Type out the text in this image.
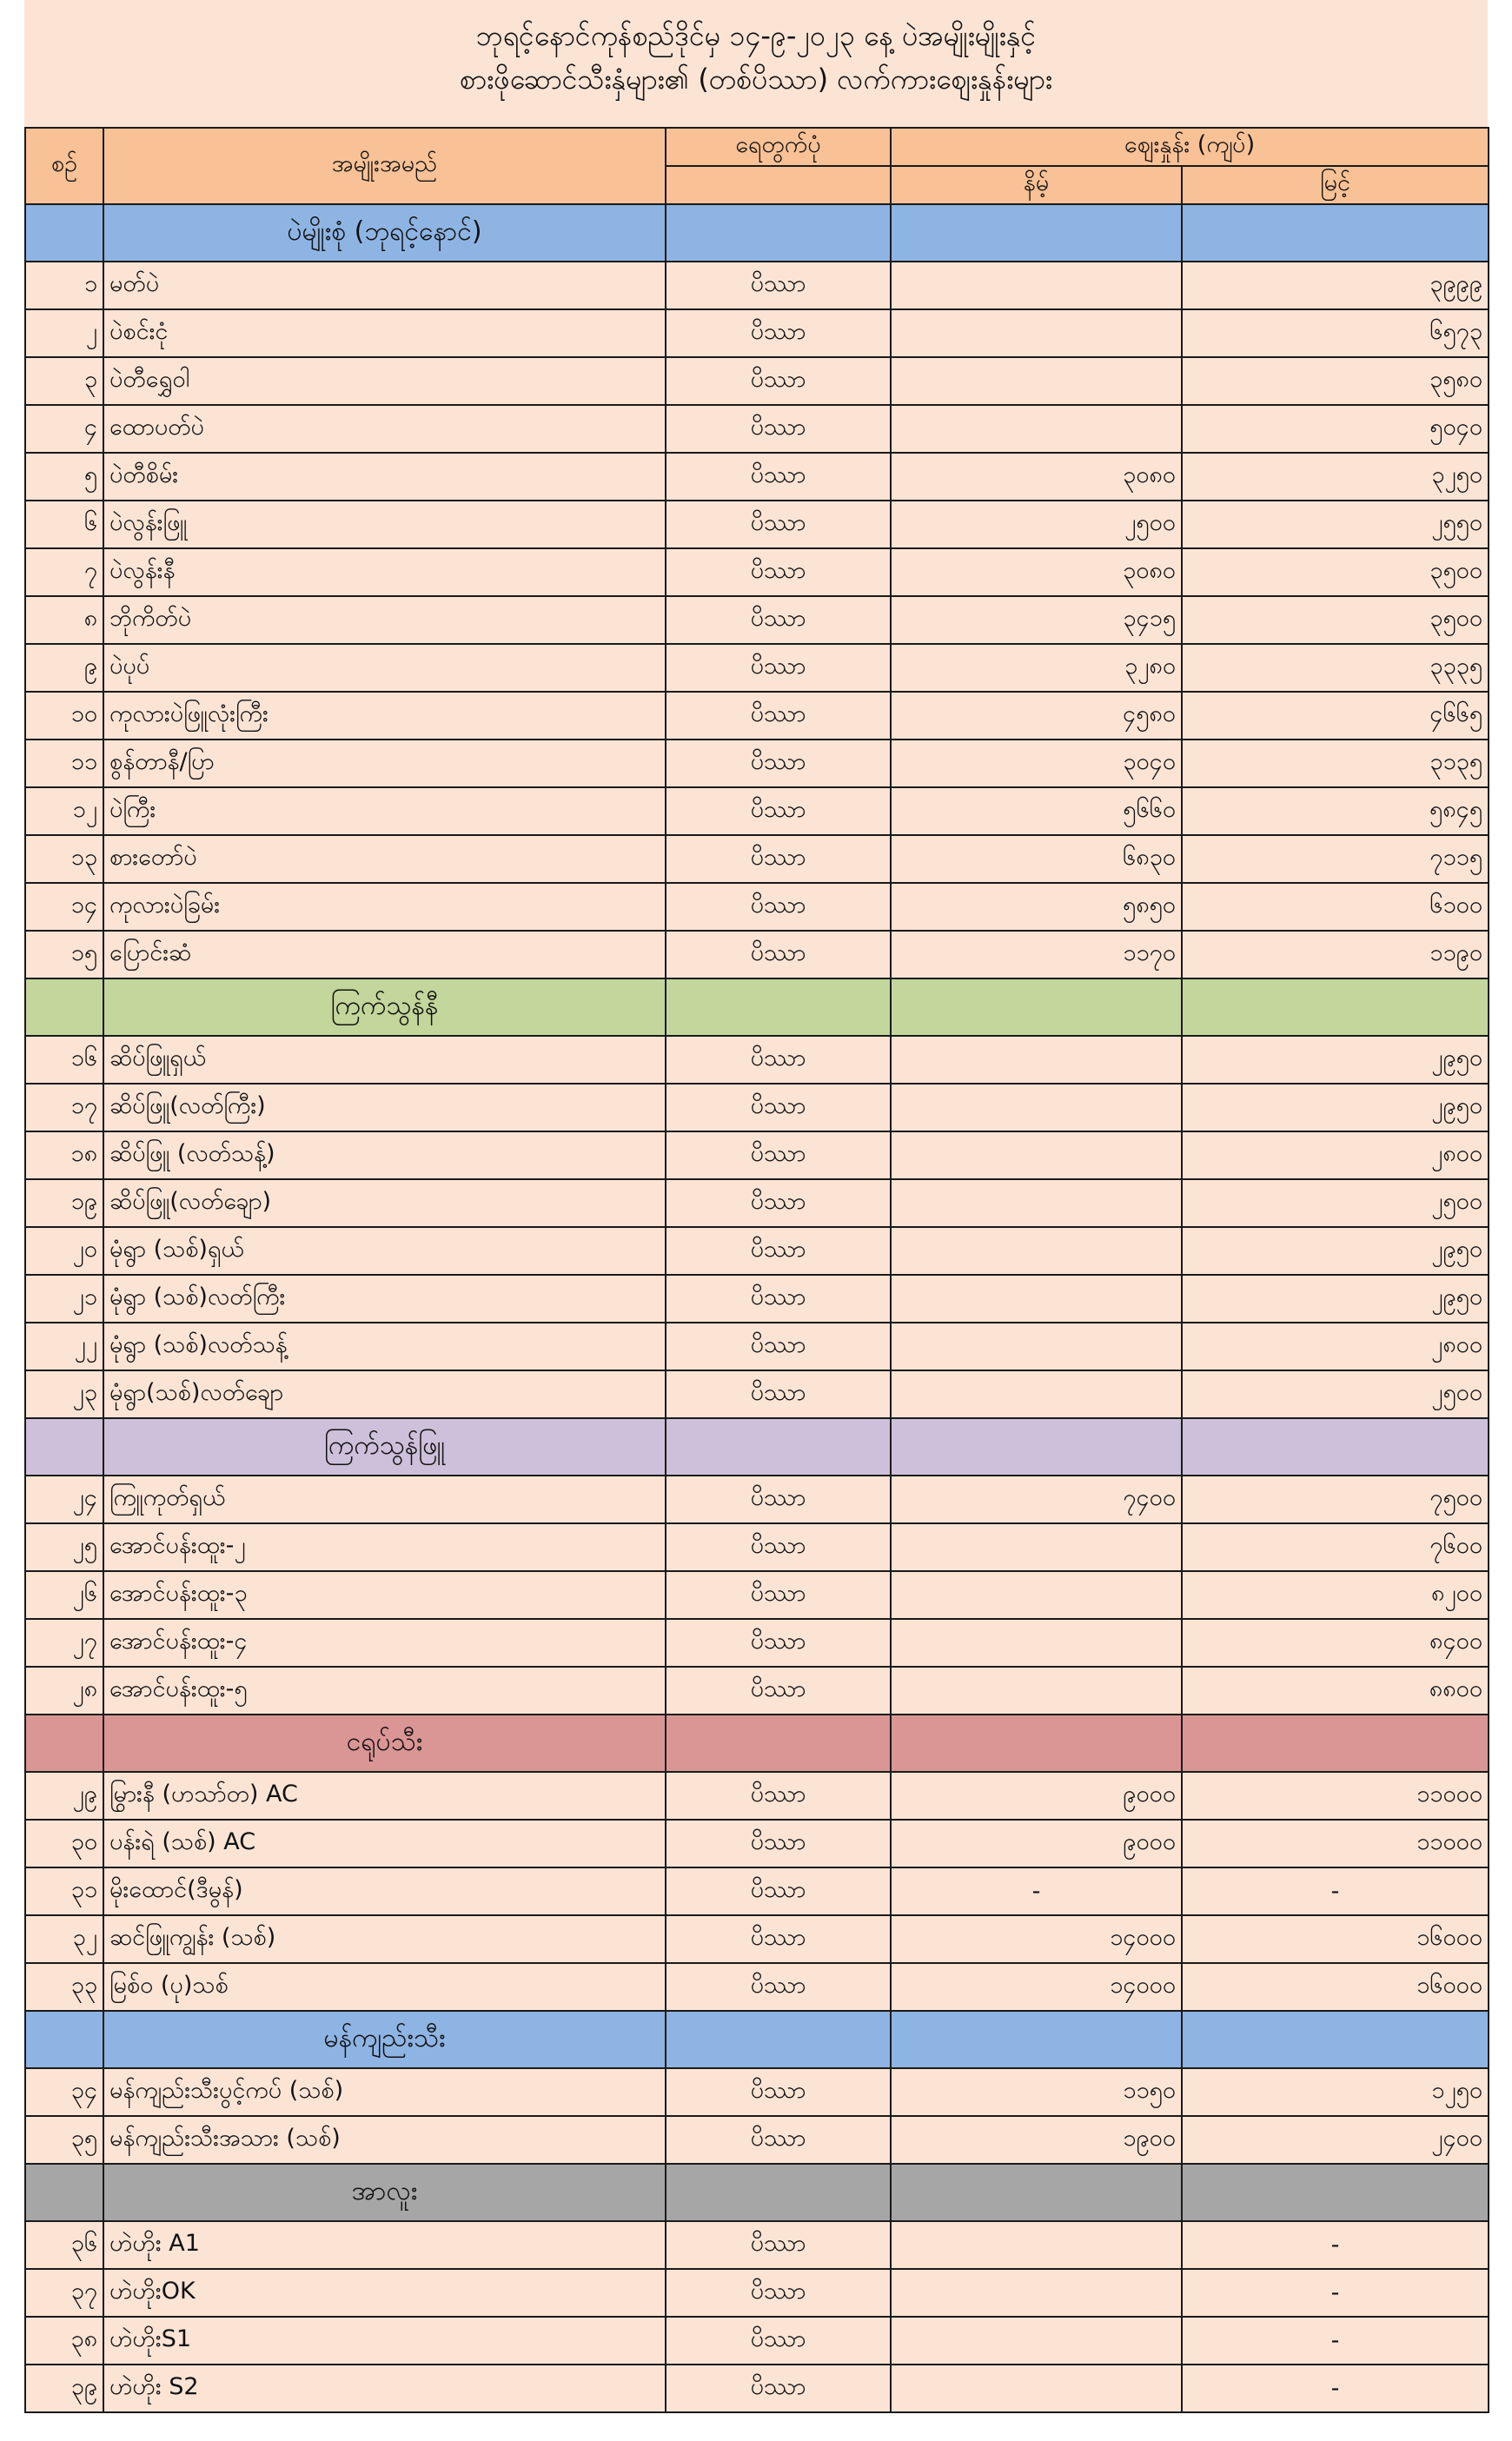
ဘုရင့်နောင်ကုန်စည်ဒိုင်မှ ၁၄-၉-၂၀၂၃ နေ့ ပဲအမျိုးမျိုးနှင့်
စားဖိုဆောင်သီးနှံများ၏ (တစ်ပိဿာ) လက်ကားဈေးနှုန်းများ
စဉ်	အမျိုးအမည်	ရေတွက်ပုံ	ဈေးနှုန်း (ကျပ်)	
			နိမ့်	မြင့်
	ပဲမျိုးစုံ (ဘုရင့်နောင်)			
၁	မတ်ပဲ	ပိဿာ		၃၉၉၉
၂	ပဲစင်းငုံ	ပိဿာ		၆၅၇၃
၃	ပဲတီရွှေဝါ	ပိဿာ		၃၅၈၀
၄	ထောပတ်ပဲ	ပိဿာ		၅၀၄၀
၅	ပဲတီစိမ်း	ပိဿာ	၃၀၈၀	၃၂၅၀
၆	ပဲလွန်းဖြူ	ပိဿာ	၂၅၀၀	၂၅၅၀
၇	ပဲလွန်းနီ	ပိဿာ	၃၀၈၀	၃၅၀၀
၈	ဘိုကိတ်ပဲ	ပိဿာ	၃၄၁၅	၃၅၀၀
၉	ပဲပုပ်	ပိဿာ	၃၂၈၀	၃၃၃၅
၁၀	ကုလားပဲဖြူလုံးကြီး	ပိဿာ	၄၅၈၀	၄၆၆၅
၁၁	စွန်တာနီ/ပြာ	ပိဿာ	၃၀၄၀	၃၁၃၅
၁၂	ပဲကြီး	ပိဿာ	၅၆၆၀	၅၈၄၅
၁၃	စားတော်ပဲ	ပိဿာ	၆၈၃၀	၇၁၁၅
၁၄	ကုလားပဲခြမ်း	ပိဿာ	၅၈၅၀	၆၁၀၀
၁၅	ပြောင်းဆံ	ပိဿာ	၁၁၇၀	၁၁၉၀
	ကြက်သွန်နီ			
၁၆	ဆိပ်ဖြူရှယ်	ပိဿာ		၂၉၅၀
၁၇	ဆိပ်ဖြူ(လတ်ကြီး)	ပိဿာ		၂၉၅၀
၁၈	ဆိပ်ဖြူ (လတ်သန့်)	ပိဿာ		၂၈၀၀
၁၉	ဆိပ်ဖြူ(လတ်ချော)	ပိဿာ		၂၅၀၀
၂၀	မုံရွာ (သစ်)ရှယ်	ပိဿာ		၂၉၅၀
၂၁	မုံရွာ (သစ်)လတ်ကြီး	ပိဿာ		၂၉၅၀
၂၂	မုံရွာ (သစ်)လတ်သန့်	ပိဿာ		၂၈၀၀
၂၃	မုံရွာ(သစ်)လတ်ချော	ပိဿာ		၂၅၀၀
	ကြက်သွန်ဖြူ			
၂၄	ကြူကုတ်ရှယ်	ပိဿာ	၇၄၀၀	၇၅၀၀
၂၅	အောင်ပန်းထူး-၂	ပိဿာ		၇၆၀၀
၂၆	အောင်ပန်းထူး-၃	ပိဿာ		၈၂၀၀
၂၇	အောင်ပန်းထူး-၄	ပိဿာ		၈၄၀၀
၂၈	အောင်ပန်းထူး-၅	ပိဿာ		၈၈၀၀
	ငရုပ်သီး			
၂၉	မြွားနီ (ဟသာ်တ) AC	ပိဿာ	၉၀၀၀	၁၁၀၀၀
၃၀	ပန်းရဲ (သစ်) AC	ပိဿာ	၉၀၀၀	၁၁၀၀၀
၃၁	မိုးထောင်(ဒီမွန်)	ပိဿာ	-	-
၃၂	ဆင်ဖြူကျွန်း (သစ်)	ပိဿာ	၁၄၀၀၀	၁၆၀၀၀
၃၃	မြစ်ဝ (ပု)သစ်	ပိဿာ	၁၄၀၀၀	၁၆၀၀၀
	မန်ကျည်းသီး			
၃၄	မန်ကျည်းသီးပွင့်ကပ် (သစ်)	ပိဿာ	၁၁၅၀	၁၂၅၀
၃၅	မန်ကျည်းသီးအသား (သစ်)	ပိဿာ	၁၉၀၀	၂၄၀၀
	အာလူး			
၃၆	ဟဲဟိုး A1	ပိဿာ		-
၃၇	ဟဲဟိုးOK	ပိဿာ		-
၃၈	ဟဲဟိုးS1	ပိဿာ		-
၃၉	ဟဲဟိုး S2	ပိဿာ		-
